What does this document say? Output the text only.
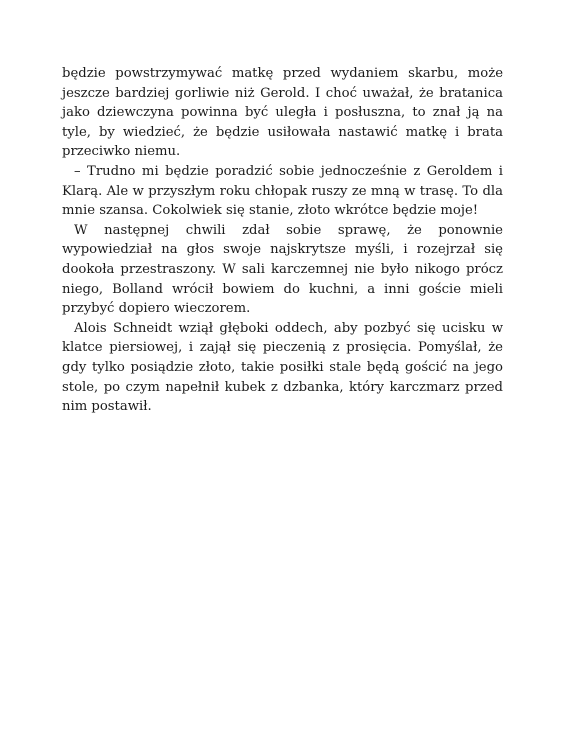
będzie powstrzymywać matkę przed wydaniem skarbu, może jeszcze bardziej gorliwie niż Gerold. I choć uważał, że bratanica jako dziewczyna powinna być uległa i posłuszna, to znał ją na tyle, by wiedzieć, że będzie usiłowała nastawić matkę i brata przeciwko niemu.

– Trudno mi będzie poradzić sobie jednocześnie z Geroldem i Klarą. Ale w przyszłym roku chłopak ruszy ze mną w trasę. To dla mnie szansa. Cokolwiek się stanie, złoto wkrótce będzie moje!

W następnej chwili zdał sobie sprawę, że ponownie wypowiedział na głos swoje najskrytsze myśli, i rozejrzał się dookoła przestraszony. W sali karczemnej nie było nikogo prócz niego, Bolland wrócił bowiem do kuchni, a inni goście mieli przybyć dopiero wieczorem.

Alois Schneidt wziął głęboki oddech, aby pozbyć się ucisku w klatce piersiowej, i zajął się pieczenią z prosięcia. Pomyślał, że gdy tylko posiądzie złoto, takie posiłki stale będą gościć na jego stole, po czym napełnił kubek z dzbanka, który karczmarz przed nim postawił.
